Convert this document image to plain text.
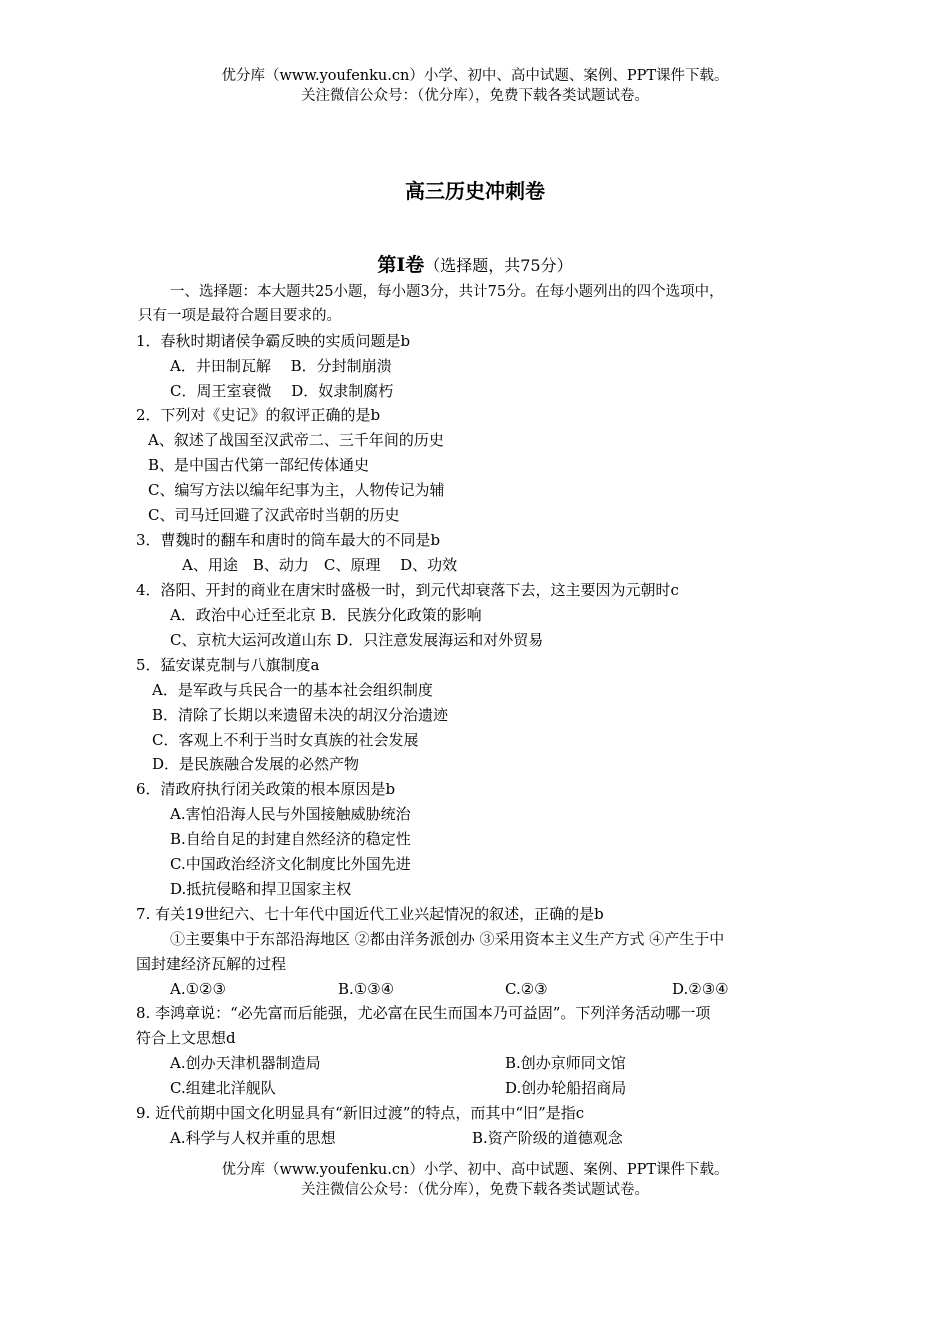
优分库（www.youfenku.cn）小学、初中、高中试题、案例、PPT课件下载。
关注微信公众号：（优分库），免费下载各类试题试卷。
高三历史冲刺卷
第Ⅰ卷（选择题，共75分）
一、选择题：本大题共25小题，每小题3分，共计75分。在每小题列出的四个选项中，
只有一项是最符合题目要求的。
1．春秋时期诸侯争霸反映的实质问题是b
A．井田制瓦解　 B．分封制崩溃
C．周王室衰微　 D．奴隶制腐朽
2．下列对《史记》的叙评正确的是b
A、叙述了战国至汉武帝二、三千年间的历史
B、是中国古代第一部纪传体通史
C、编写方法以编年纪事为主，人物传记为辅
C、司马迁回避了汉武帝时当朝的历史
3．曹魏时的翻车和唐时的筒车最大的不同是b
A、用途　B、动力　C、原理　 D、功效
4．洛阳、开封的商业在唐宋时盛极一时，到元代却衰落下去，这主要因为元朝时c
A．政治中心迁至北京 B．民族分化政策的影响
C、京杭大运河改道山东 D．只注意发展海运和对外贸易
5．猛安谋克制与八旗制度a
A．是军政与兵民合一的基本社会组织制度
B．清除了长期以来遗留未决的胡汉分治遗迹
C．客观上不利于当时女真族的社会发展
D．是民族融合发展的必然产物
6．清政府执行闭关政策的根本原因是b
A.害怕沿海人民与外国接触威胁统治
B.自给自足的封建自然经济的稳定性
C.中国政治经济文化制度比外国先进
D.抵抗侵略和捍卫国家主权
7. 有关19世纪六、七十年代中国近代工业兴起情况的叙述，正确的是b
①主要集中于东部沿海地区 ②都由洋务派创办 ③采用资本主义生产方式 ④产生于中
国封建经济瓦解的过程
A.①②③	B.①③④	C.②③	D.②③④
8. 李鸿章说：“必先富而后能强，尤必富在民生而国本乃可益固”。下列洋务活动哪一项
符合上文思想d
A.创办天津机器制造局	B.创办京师同文馆
C.组建北洋舰队	D.创办轮船招商局
9. 近代前期中国文化明显具有“新旧过渡”的特点，而其中“旧”是指c
A.科学与人权并重的思想	B.资产阶级的道德观念
优分库（www.youfenku.cn）小学、初中、高中试题、案例、PPT课件下载。
关注微信公众号：（优分库），免费下载各类试题试卷。
